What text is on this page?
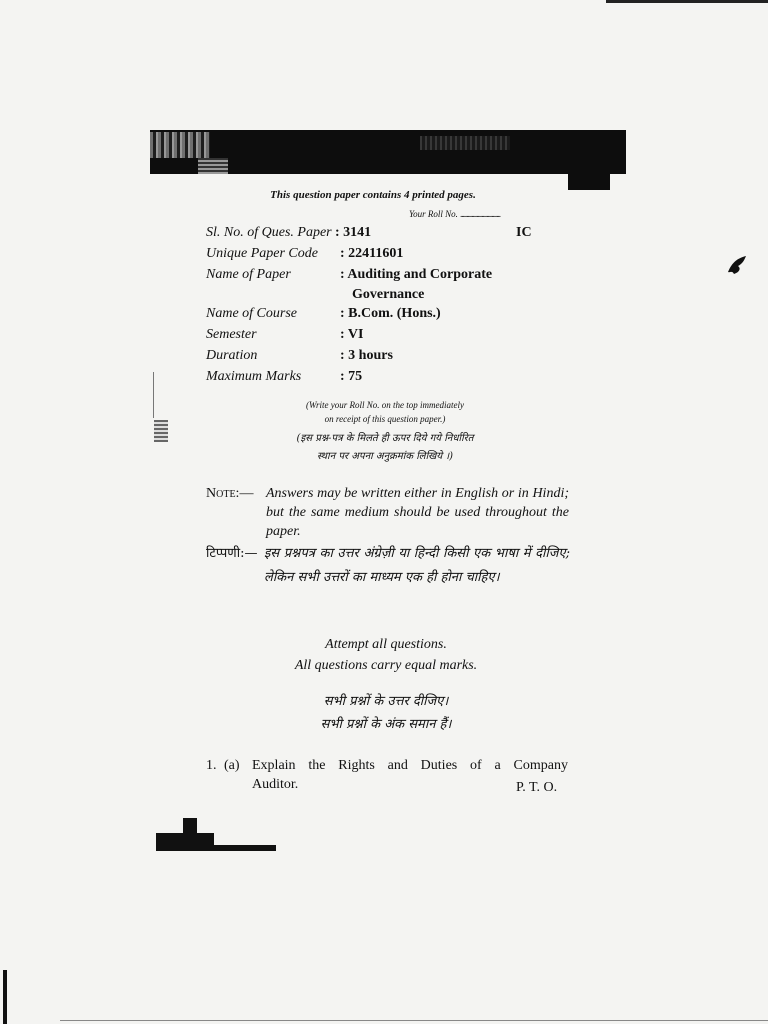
This question paper contains 4 printed pages.
Your Roll No. ................................
Sl. No. of Ques. Paper : 3141	IC
Unique Paper Code : 22411601
Name of Paper	: Auditing and Corporate
Governance
Name of Course	: B.Com. (Hons.)
Semester	: VI
Duration	: 3 hours
Maximum Marks	: 75
(Write your Roll No. on the top immediately
on receipt of this question paper.)
(इस प्रश्न-पत्र के मिलते ही ऊपर दिये गये निर्धारित
स्थान पर अपना अनुक्रमांक लिखिये ।)
Note:— Answers may be written either in English or in Hindi; but the same medium should be used throughout the paper.
टिप्पणी:— इस प्रश्नपत्र का उत्तर अंग्रेज़ी या हिन्दी किसी एक भाषा में दीजिए; लेकिन सभी उत्तरों का माध्यम एक ही होना चाहिए।
Attempt all questions.
All questions carry equal marks.
सभी प्रश्नों के उत्तर दीजिए।
सभी प्रश्नों के अंक समान हैं।
1. (a) Explain the Rights and Duties of a Company
Auditor.	P. T. O.
